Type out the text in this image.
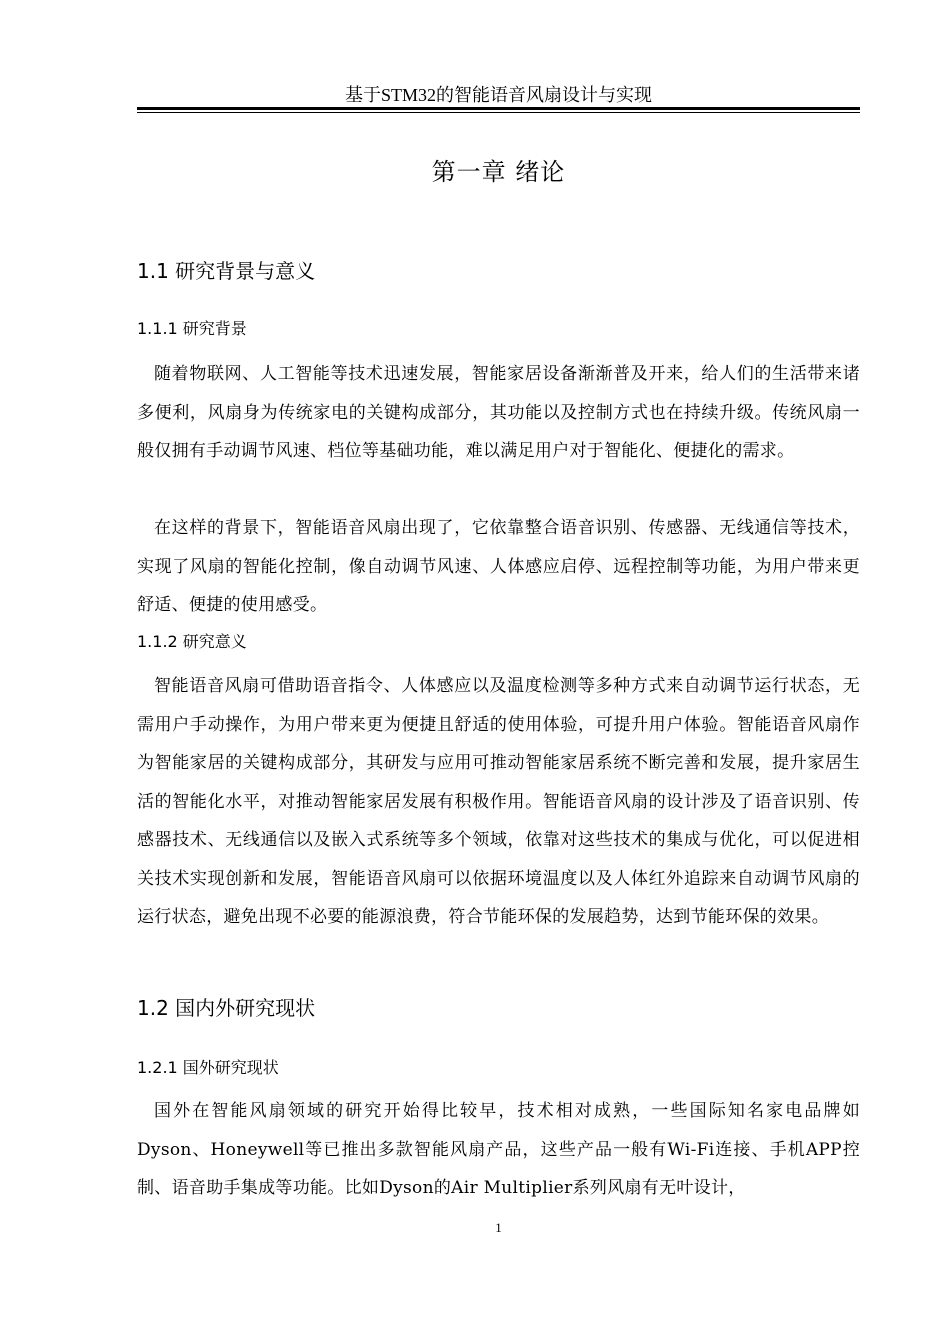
基于STM32的智能语音风扇设计与实现
第一章 绪论
1.1 研究背景与意义
1.1.1 研究背景

随着物联网、人工智能等技术迅速发展，智能家居设备渐渐普及开来，给人们的生活带来诸多便利，风扇身为传统家电的关键构成部分，其功能以及控制方式也在持续升级。传统风扇一般仅拥有手动调节风速、档位等基础功能，难以满足用户对于智能化、便捷化的需求。

在这样的背景下，智能语音风扇出现了，它依靠整合语音识别、传感器、无线通信等技术，实现了风扇的智能化控制，像自动调节风速、人体感应启停、远程控制等功能，为用户带来更舒适、便捷的使用感受。

1.1.2 研究意义

智能语音风扇可借助语音指令、人体感应以及温度检测等多种方式来自动调节运行状态，无需用户手动操作，为用户带来更为便捷且舒适的使用体验，可提升用户体验。智能语音风扇作为智能家居的关键构成部分，其研发与应用可推动智能家居系统不断完善和发展，提升家居生活的智能化水平，对推动智能家居发展有积极作用。智能语音风扇的设计涉及了语音识别、传感器技术、无线通信以及嵌入式系统等多个领域，依靠对这些技术的集成与优化，可以促进相关技术实现创新和发展，智能语音风扇可以依据环境温度以及人体红外追踪来自动调节风扇的运行状态，避免出现不必要的能源浪费，符合节能环保的发展趋势，达到节能环保的效果。

1.2 国内外研究现状
1.2.1 国外研究现状

国外在智能风扇领域的研究开始得比较早，技术相对成熟，一些国际知名家电品牌如Dyson、Honeywell等已推出多款智能风扇产品，这些产品一般有Wi-Fi连接、手机APP控制、语音助手集成等功能。比如Dyson的Air Multiplier系列风扇有无叶设计，

1
